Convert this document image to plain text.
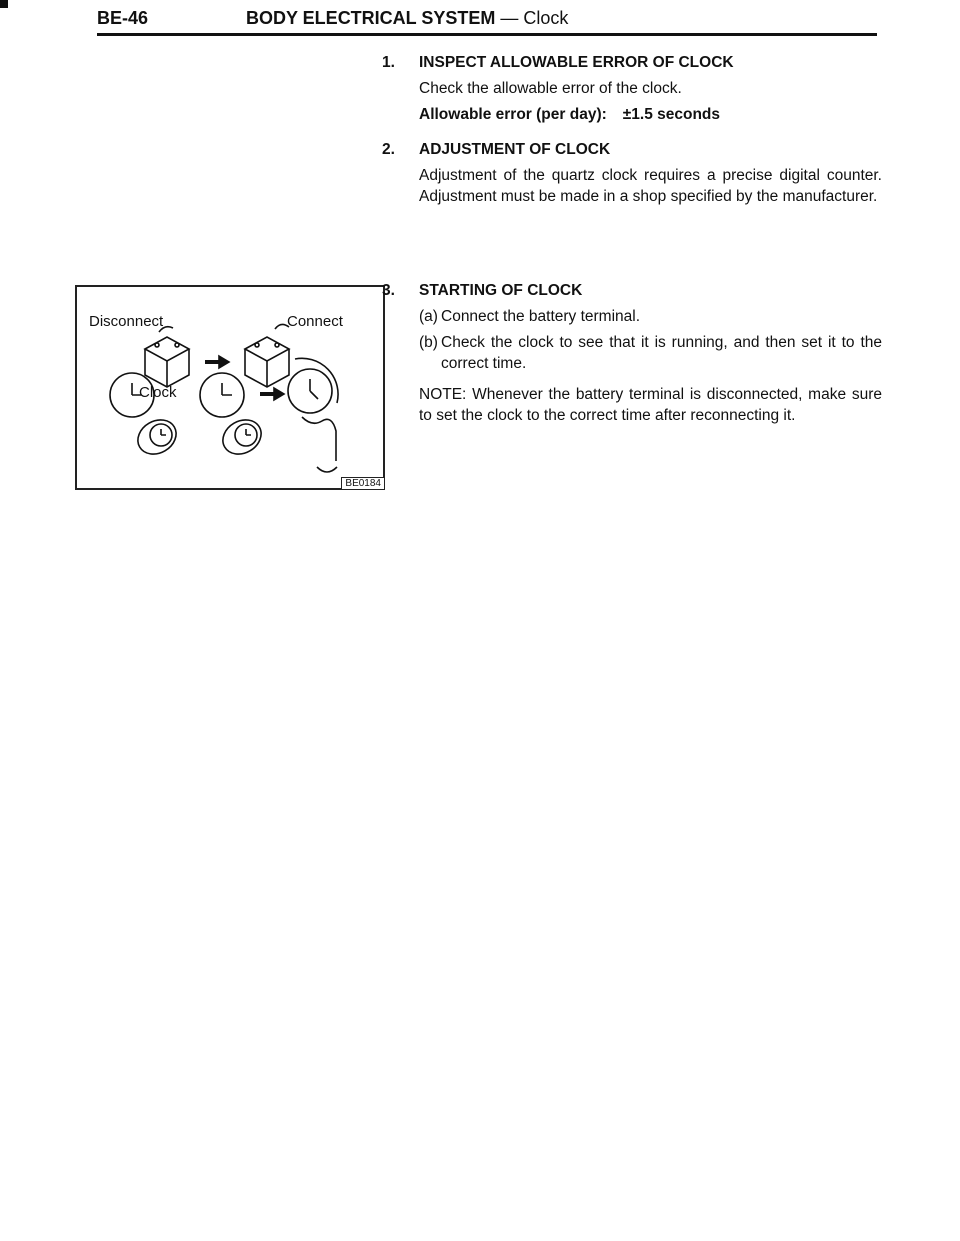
BE-46	BODY ELECTRICAL SYSTEM — Clock
Disconnect	Connect
Clock
BE0184
1. INSPECT ALLOWABLE ERROR OF CLOCK
Check the allowable error of the clock.
Allowable error (per day): ±1.5 seconds
2. ADJUSTMENT OF CLOCK
Adjustment of the quartz clock requires a precise digital counter. Adjustment must be made in a shop specified by the manufacturer.
3. STARTING OF CLOCK
(a) Connect the battery terminal.
(b) Check the clock to see that it is running, and then set it to the correct time.
NOTE: Whenever the battery terminal is disconnected, make sure to set the clock to the correct time after reconnecting it.
